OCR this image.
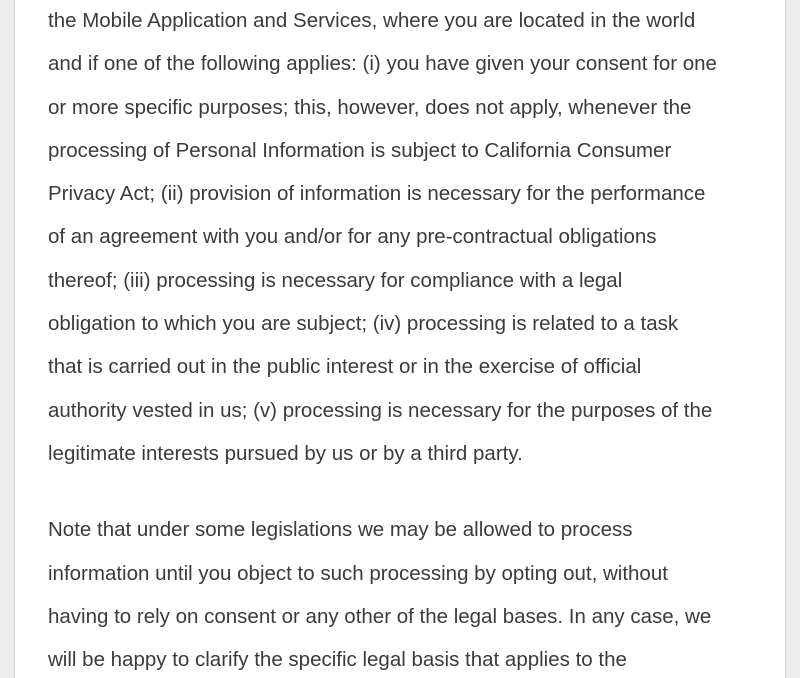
the Mobile Application and Services, where you are located in the world
and if one of the following applies: (i) you have given your consent for one
or more specific purposes; this, however, does not apply, whenever the
processing of Personal Information is subject to California Consumer
Privacy Act; (ii) provision of information is necessary for the performance
of an agreement with you and/or for any pre-contractual obligations
thereof; (iii) processing is necessary for compliance with a legal
obligation to which you are subject; (iv) processing is related to a task
that is carried out in the public interest or in the exercise of official
authority vested in us; (v) processing is necessary for the purposes of the
legitimate interests pursued by us or by a third party.

Note that under some legislations we may be allowed to process
information until you object to such processing by opting out, without
having to rely on consent or any other of the legal bases. In any case, we
will be happy to clarify the specific legal basis that applies to the
